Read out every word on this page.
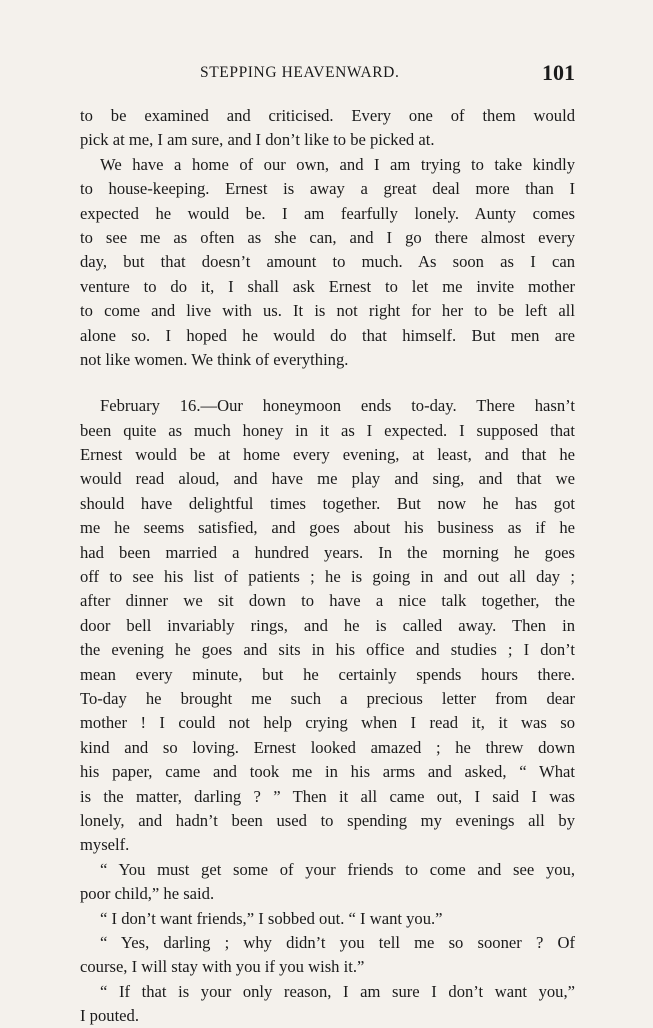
STEPPING HEAVENWARD.	101
to be examined and criticised. Every one of them would
pick at me, I am sure, and I don’t like to be picked at.
We have a home of our own, and I am trying to take kindly
to house-keeping. Ernest is away a great deal more than I
expected he would be. I am fearfully lonely. Aunty comes
to see me as often as she can, and I go there almost every
day, but that doesn’t amount to much. As soon as I can
venture to do it, I shall ask Ernest to let me invite mother
to come and live with us. It is not right for her to be left all
alone so. I hoped he would do that himself. But men are
not like women. We think of everything.
February 16.—Our honeymoon ends to-day. There hasn’t
been quite as much honey in it as I expected. I supposed that
Ernest would be at home every evening, at least, and that he
would read aloud, and have me play and sing, and that we
should have delightful times together. But now he has got
me he seems satisfied, and goes about his business as if he
had been married a hundred years. In the morning he goes
off to see his list of patients ; he is going in and out all day ;
after dinner we sit down to have a nice talk together, the
door bell invariably rings, and he is called away. Then in
the evening he goes and sits in his office and studies ; I don’t
mean every minute, but he certainly spends hours there.
To-day he brought me such a precious letter from dear
mother ! I could not help crying when I read it, it was so
kind and so loving. Ernest looked amazed ; he threw down
his paper, came and took me in his arms and asked, “ What
is the matter, darling ? ” Then it all came out, I said I was
lonely, and hadn’t been used to spending my evenings all by
myself.
“ You must get some of your friends to come and see you,
poor child,” he said.
“ I don’t want friends,” I sobbed out. “ I want you.”
“ Yes, darling ; why didn’t you tell me so sooner ? Of
course, I will stay with you if you wish it.”
“ If that is your only reason, I am sure I don’t want you,”
I pouted.
